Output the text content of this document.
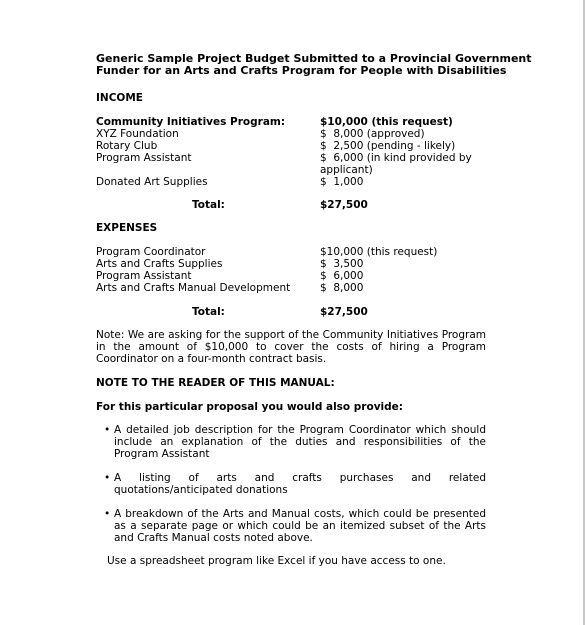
Generic Sample Project Budget Submitted to a Provincial Government
Funder for an Arts and Crafts Program for People with Disabilities
INCOME
Community Initiatives Program:	$10,000 (this request)
XYZ Foundation	$  8,000 (approved)
Rotary Club	$  2,500 (pending - likely)
Program Assistant	$  6,000 (in kind provided by
applicant)
Donated Art Supplies	$  1,000
Total:	$27,500
EXPENSES
Program Coordinator	$10,000 (this request)
Arts and Crafts Supplies	$  3,500
Program Assistant	$  6,000
Arts and Crafts Manual Development	$  8,000
Total:	$27,500
Note: We are asking for the support of the Community Initiatives Program in the amount of $10,000 to cover the costs of hiring a Program Coordinator on a four-month contract basis.
NOTE TO THE READER OF THIS MANUAL:
For this particular proposal you would also provide:
• A detailed job description for the Program Coordinator which should include an explanation of the duties and responsibilities of the Program Assistant
• A listing of arts and crafts purchases and related quotations/anticipated donations
• A breakdown of the Arts and Manual costs, which could be presented as a separate page or which could be an itemized subset of the Arts and Crafts Manual costs noted above.
Use a spreadsheet program like Excel if you have access to one.
